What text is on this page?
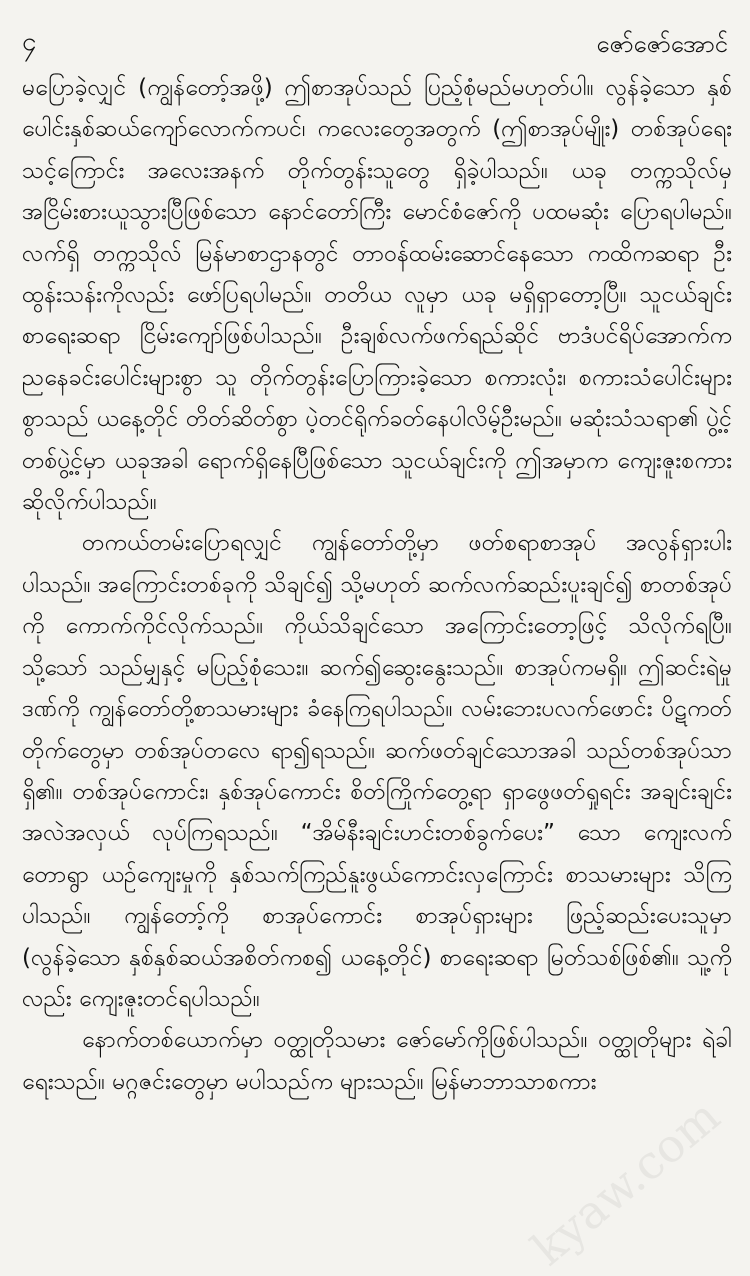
၄	ဇော်ဇော်အောင်

မပြောခဲ့လျှင် (ကျွန်တော့်အဖို့) ဤစာအုပ်သည် ပြည့်စုံမည်မဟုတ်ပါ။ လွန်ခဲ့သော နှစ်ပေါင်းနှစ်ဆယ်ကျော်လောက်ကပင်၊ ကလေးတွေအတွက် (ဤစာအုပ်မျိုး) တစ်အုပ်ရေးသင့်ကြောင်း အလေးအနက် တိုက်တွန်းသူတွေ ရှိခဲ့ပါသည်။ ယခု တက္ကသိုလ်မှ အငြိမ်းစားယူသွားပြီဖြစ်သော နောင်တော်ကြီး မောင်စံဇော်ကို ပထမဆုံး ပြောရပါမည်။ လက်ရှိ တက္ကသိုလ် မြန်မာစာဌာနတွင် တာဝန်ထမ်းဆောင်နေသော ကထိကဆရာ ဦးထွန်းသန်းကိုလည်း ဖော်ပြရပါမည်။ တတိယ လူမှာ ယခု မရှိရှာတော့ပြီ။ သူငယ်ချင်းစာရေးဆရာ ငြိမ်းကျော်ဖြစ်ပါသည်။ ဦးချစ်လက်ဖက်ရည်ဆိုင် ဗာဒံပင်ရိပ်အောက်က ညနေခင်းပေါင်းများစွာ သူ တိုက်တွန်းပြောကြားခဲ့သော စကားလုံး၊ စကားသံပေါင်းများစွာသည် ယနေ့တိုင် တိတ်ဆိတ်စွာ ပဲ့တင်ရိုက်ခတ်နေပါလိမ့်ဦးမည်။ မဆုံးသံသရာ၏ ပွဲ့င့်တစ်ပွဲ့င့်မှာ ယခုအခါ ရောက်ရှိနေပြီဖြစ်သော သူငယ်ချင်းကို ဤအမှာက ကျေးဇူးစကား ဆိုလိုက်ပါသည်။

တကယ်တမ်းပြောရလျှင် ကျွန်တော်တို့မှာ ဖတ်စရာစာအုပ် အလွန်ရှားပါးပါသည်။ အကြောင်းတစ်ခုကို သိချင်၍ သို့မဟုတ် ဆက်လက်ဆည်းပူးချင်၍ စာတစ်အုပ်ကို ကောက်ကိုင်လိုက်သည်။ ကိုယ်သိချင်သော အကြောင်းတော့ဖြင့် သိလိုက်ရပြီ။ သို့သော် သည်မျှနှင့် မပြည့်စုံသေး။ ဆက်၍ဆွေးနွေးသည်။ စာအုပ်ကမရှိ။ ဤဆင်းရဲမှုဒဏ်ကို ကျွန်တော်တို့စာသမားများ ခံနေကြရပါသည်။ လမ်းဘေးပလက်ဖောင်း ပိဋကတ်တိုက်တွေမှာ တစ်အုပ်တလေ ရာ၍ရသည်။ ဆက်ဖတ်ချင်သောအခါ သည်တစ်အုပ်သာရှိ၏။ တစ်အုပ်ကောင်း၊ နှစ်အုပ်ကောင်း စိတ်ကြိုက်တွေ့ရာ ရှာဖွေဖတ်ရှုရင်း အချင်းချင်း အလဲအလှယ် လုပ်ကြရသည်။ “အိမ်နီးချင်းဟင်းတစ်ခွက်ပေး” သော ကျေးလက်တောရွာ ယဉ်ကျေးမှုကို နှစ်သက်ကြည်နူးဖွယ်ကောင်းလှကြောင်း စာသမားများ သိကြပါသည်။ ကျွန်တော့်ကို စာအုပ်ကောင်း စာအုပ်ရှားများ ဖြည့်ဆည်းပေးသူမှာ (လွန်ခဲ့သော နှစ်နှစ်ဆယ်အစိတ်ကစ၍ ယနေ့တိုင်) စာရေးဆရာ မြတ်သစ်ဖြစ်၏။ သူ့ကိုလည်း ကျေးဇူးတင်ရပါသည်။

နောက်တစ်ယောက်မှာ ဝတ္ထုတိုသမား ဇော်မော်ကိုဖြစ်ပါသည်။ ဝတ္ထုတိုများ ရဲခါရေးသည်။ မဂ္ဂဇင်းတွေမှာ မပါသည်က များသည်။ မြန်မာဘာသာစကား

kyaw.com
